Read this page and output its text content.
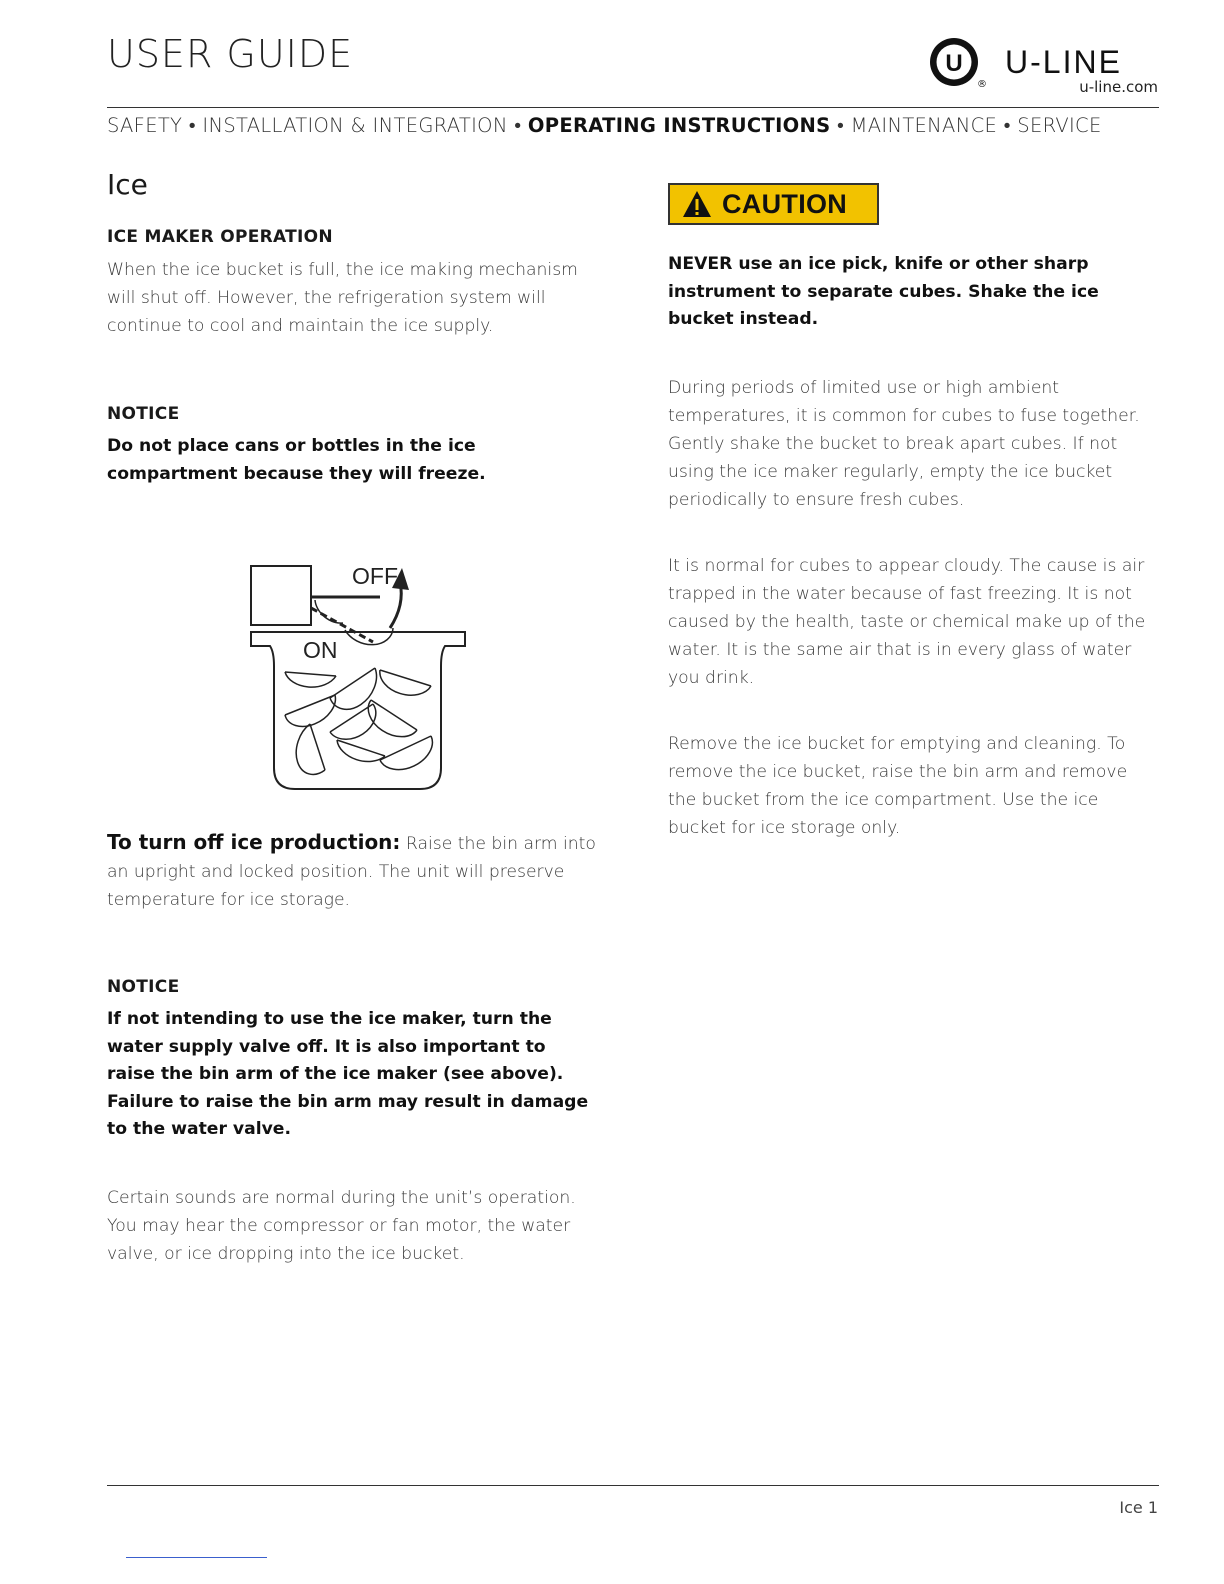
USER GUIDE	U
®
U-LINE
u-line.com
SAFETY • INSTALLATION & INTEGRATION • OPERATING INSTRUCTIONS • MAINTENANCE • SERVICE
Ice
ICE MAKER OPERATION

When the ice bucket is full, the ice making mechanism will shut off. However, the refrigeration system will continue to cool and maintain the ice supply.

NOTICE

Do not place cans or bottles in the ice compartment because they will freeze.

OFF
ON

To turn off ice production: Raise the bin arm into an upright and locked position. The unit will preserve temperature for ice storage.

NOTICE

If not intending to use the ice maker, turn the water supply valve off. It is also important to raise the bin arm of the ice maker (see above). Failure to raise the bin arm may result in damage to the water valve.

Certain sounds are normal during the unit’s operation. You may hear the compressor or fan motor, the water valve, or ice dropping into the ice bucket.

CAUTION

NEVER use an ice pick, knife or other sharp instrument to separate cubes. Shake the ice bucket instead.

During periods of limited use or high ambient temperatures, it is common for cubes to fuse together. Gently shake the bucket to break apart cubes. If not using the ice maker regularly, empty the ice bucket periodically to ensure fresh cubes.

It is normal for cubes to appear cloudy. The cause is air trapped in the water because of fast freezing. It is not caused by the health, taste or chemical make up of the water. It is the same air that is in every glass of water you drink.

Remove the ice bucket for emptying and cleaning. To remove the ice bucket, raise the bin arm and remove the bucket from the ice compartment. Use the ice bucket for ice storage only.

Ice 1
